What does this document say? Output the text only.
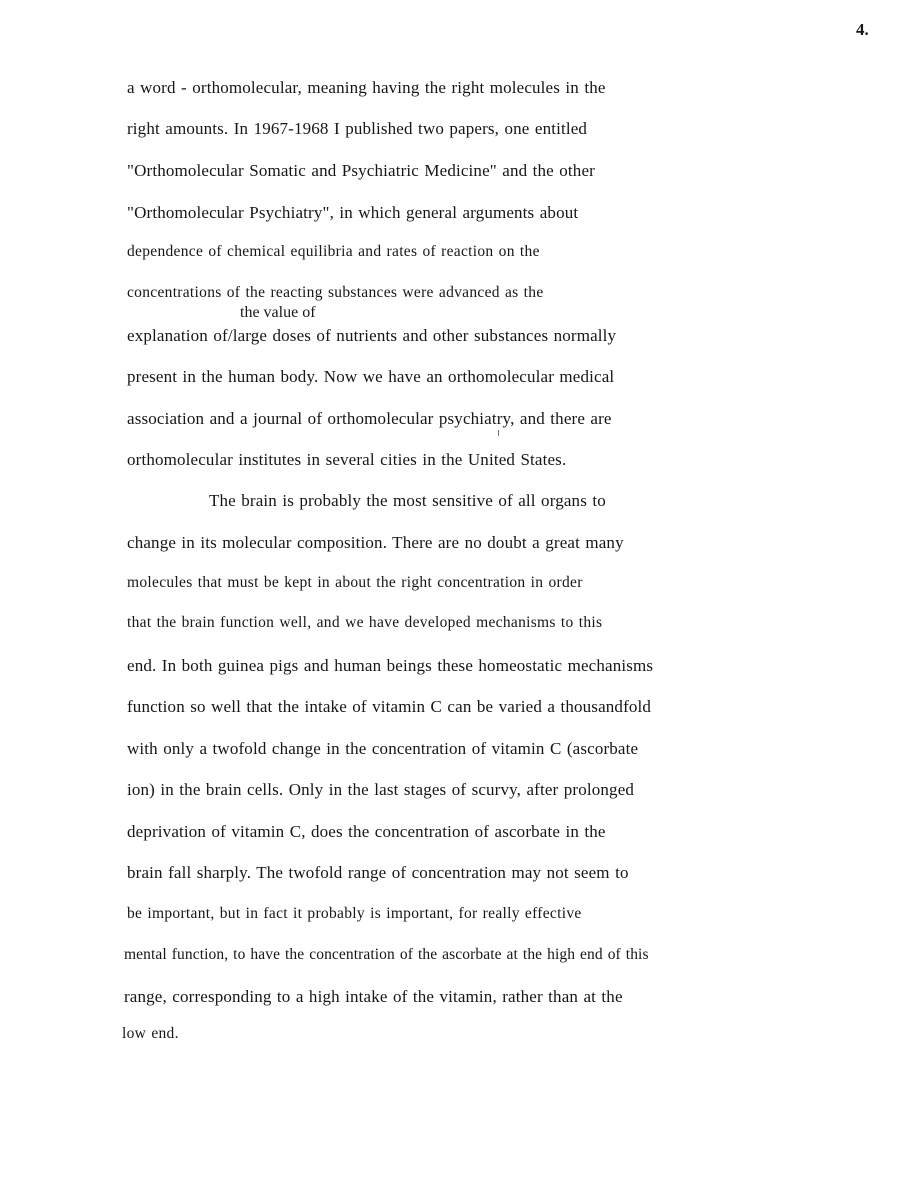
4.
a word - orthomolecular, meaning having the right molecules in the
right amounts. In 1967-1968 I published two papers, one entitled
"Orthomolecular Somatic and Psychiatric Medicine" and the other
"Orthomolecular Psychiatry", in which general arguments about
dependence of chemical equilibria and rates of reaction on the
concentrations of the reacting substances were advanced as the
the value of
explanation of/large doses of nutrients and other substances normally
present in the human body. Now we have an orthomolecular medical
association and a journal of orthomolecular psychiatry, and there are
orthomolecular institutes in several cities in the United States.
The brain is probably the most sensitive of all organs to
change in its molecular composition. There are no doubt a great many
molecules that must be kept in about the right concentration in order
that the brain function well, and we have developed mechanisms to this
end. In both guinea pigs and human beings these homeostatic mechanisms
function so well that the intake of vitamin C can be varied a thousandfold
with only a twofold change in the concentration of vitamin C (ascorbate
ion) in the brain cells. Only in the last stages of scurvy, after prolonged
deprivation of vitamin C, does the concentration of ascorbate in the
brain fall sharply. The twofold range of concentration may not seem to
be important, but in fact it probably is important, for really effective
mental function, to have the concentration of the ascorbate at the high end of this
range, corresponding to a high intake of the vitamin, rather than at the
low end.
